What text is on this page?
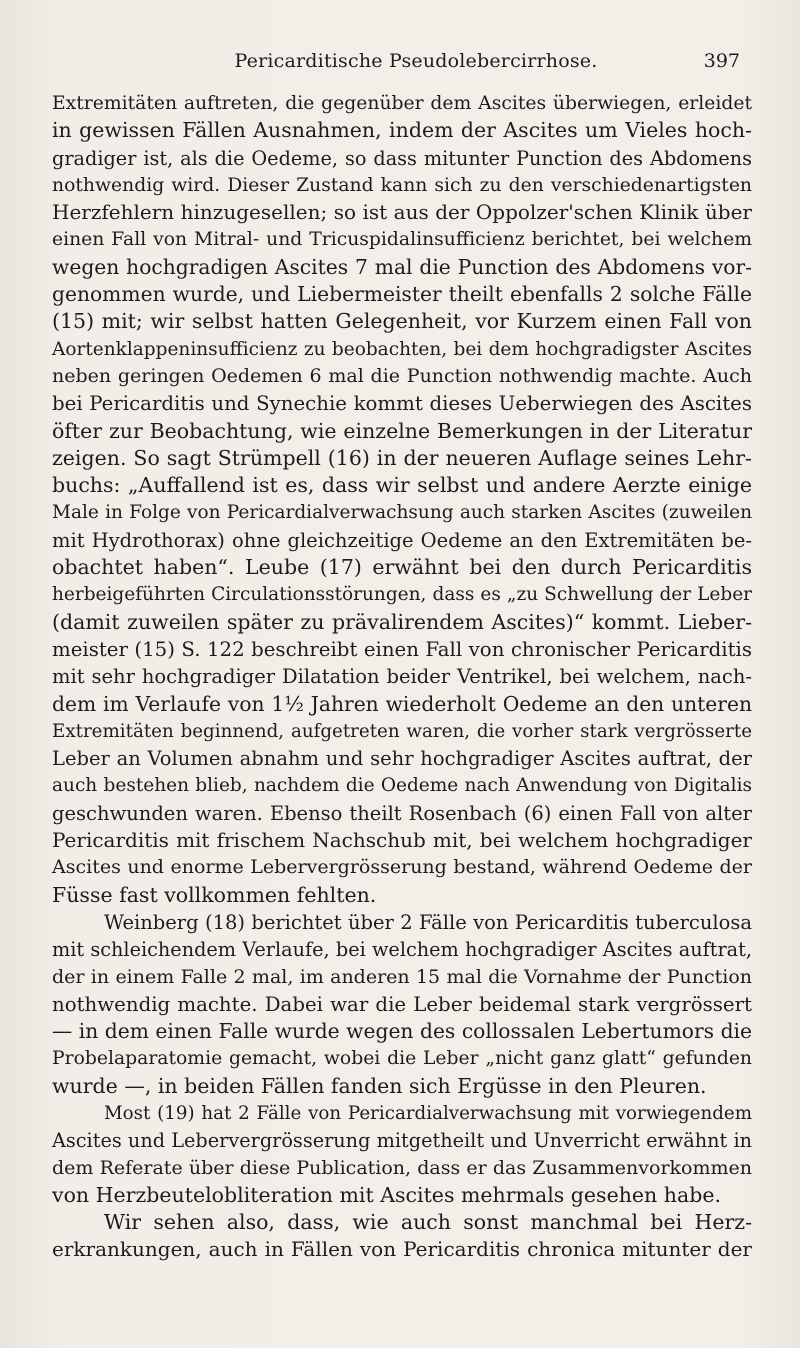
Pericarditische Pseudolebercirrhose.	397
Extremitäten auftreten, die gegenüber dem Ascites überwiegen, erleidet
in gewissen Fällen Ausnahmen, indem der Ascites um Vieles hoch-
gradiger ist, als die Oedeme, so dass mitunter Punction des Abdomens
nothwendig wird. Dieser Zustand kann sich zu den verschiedenartigsten
Herzfehlern hinzugesellen; so ist aus der Oppolzer'schen Klinik über
einen Fall von Mitral- und Tricuspidalinsufficienz berichtet, bei welchem
wegen hochgradigen Ascites 7 mal die Punction des Abdomens vor-
genommen wurde, und Liebermeister theilt ebenfalls 2 solche Fälle
(15) mit; wir selbst hatten Gelegenheit, vor Kurzem einen Fall von
Aortenklappeninsufficienz zu beobachten, bei dem hochgradigster Ascites
neben geringen Oedemen 6 mal die Punction nothwendig machte. Auch
bei Pericarditis und Synechie kommt dieses Ueberwiegen des Ascites
öfter zur Beobachtung, wie einzelne Bemerkungen in der Literatur
zeigen. So sagt Strümpell (16) in der neueren Auflage seines Lehr-
buchs: „Auffallend ist es, dass wir selbst und andere Aerzte einige
Male in Folge von Pericardialverwachsung auch starken Ascites (zuweilen
mit Hydrothorax) ohne gleichzeitige Oedeme an den Extremitäten be-
obachtet haben“. Leube (17) erwähnt bei den durch Pericarditis
herbeigeführten Circulationsstörungen, dass es „zu Schwellung der Leber
(damit zuweilen später zu prävalirendem Ascites)“ kommt. Lieber-
meister (15) S. 122 beschreibt einen Fall von chronischer Pericarditis
mit sehr hochgradiger Dilatation beider Ventrikel, bei welchem, nach-
dem im Verlaufe von 1½ Jahren wiederholt Oedeme an den unteren
Extremitäten beginnend, aufgetreten waren, die vorher stark vergrösserte
Leber an Volumen abnahm und sehr hochgradiger Ascites auftrat, der
auch bestehen blieb, nachdem die Oedeme nach Anwendung von Digitalis
geschwunden waren. Ebenso theilt Rosenbach (6) einen Fall von alter
Pericarditis mit frischem Nachschub mit, bei welchem hochgradiger
Ascites und enorme Lebervergrösserung bestand, während Oedeme der
Füsse fast vollkommen fehlten.
Weinberg (18) berichtet über 2 Fälle von Pericarditis tuberculosa
mit schleichendem Verlaufe, bei welchem hochgradiger Ascites auftrat,
der in einem Falle 2 mal, im anderen 15 mal die Vornahme der Punction
nothwendig machte. Dabei war die Leber beidemal stark vergrössert
— in dem einen Falle wurde wegen des collossalen Lebertumors die
Probelaparatomie gemacht, wobei die Leber „nicht ganz glatt“ gefunden
wurde —, in beiden Fällen fanden sich Ergüsse in den Pleuren.
Most (19) hat 2 Fälle von Pericardialverwachsung mit vorwiegendem
Ascites und Lebervergrösserung mitgetheilt und Unverricht erwähnt in
dem Referate über diese Publication, dass er das Zusammenvorkommen
von Herzbeutelobliteration mit Ascites mehrmals gesehen habe.
Wir sehen also, dass, wie auch sonst manchmal bei Herz-
erkrankungen, auch in Fällen von Pericarditis chronica mitunter der
